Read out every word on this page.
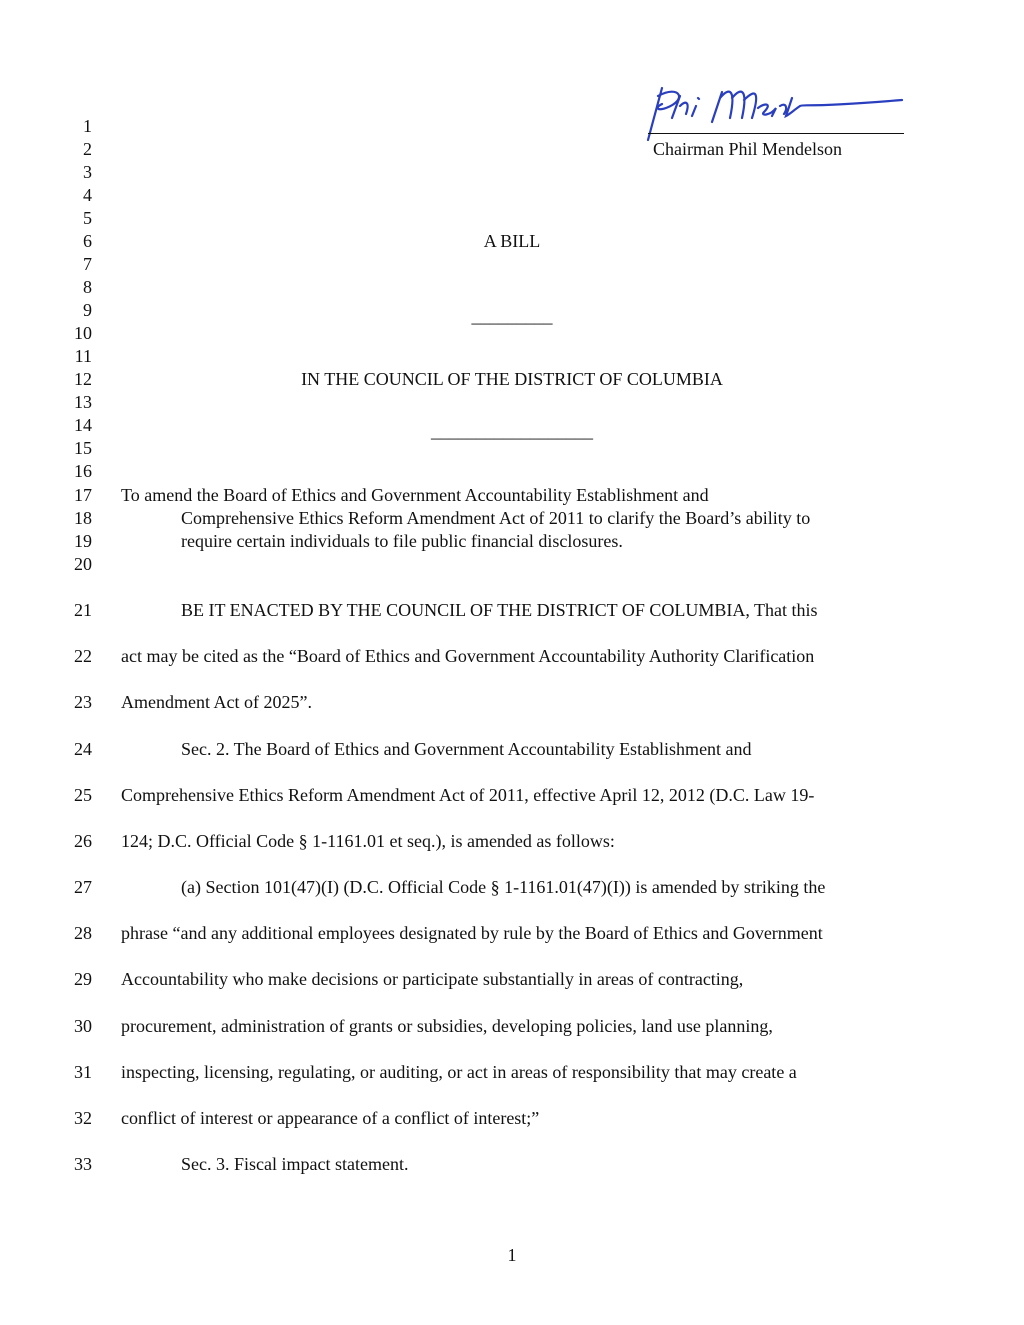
Chairman Phil Mendelson
1
2
3
4
5
6
7
8
9
10
11
12
13
14
15
16
17
18
19
20
21
22
23
24
25
26
27
28
29
30
31
32
33
A BILL
_________
IN THE COUNCIL OF THE DISTRICT OF COLUMBIA
__________________
To amend the Board of Ethics and Government Accountability Establishment and
Comprehensive Ethics Reform Amendment Act of 2011 to clarify the Board’s ability to
require certain individuals to file public financial disclosures.
BE IT ENACTED BY THE COUNCIL OF THE DISTRICT OF COLUMBIA, That this
act may be cited as the “Board of Ethics and Government Accountability Authority Clarification
Amendment Act of 2025”.
Sec. 2. The Board of Ethics and Government Accountability Establishment and
Comprehensive Ethics Reform Amendment Act of 2011, effective April 12, 2012 (D.C. Law 19-
124; D.C. Official Code § 1-1161.01 et seq.), is amended as follows:
(a) Section 101(47)(I) (D.C. Official Code § 1-1161.01(47)(I)) is amended by striking the
phrase “and any additional employees designated by rule by the Board of Ethics and Government
Accountability who make decisions or participate substantially in areas of contracting,
procurement, administration of grants or subsidies, developing policies, land use planning,
inspecting, licensing, regulating, or auditing, or act in areas of responsibility that may create a
conflict of interest or appearance of a conflict of interest;”
Sec. 3. Fiscal impact statement.
1
